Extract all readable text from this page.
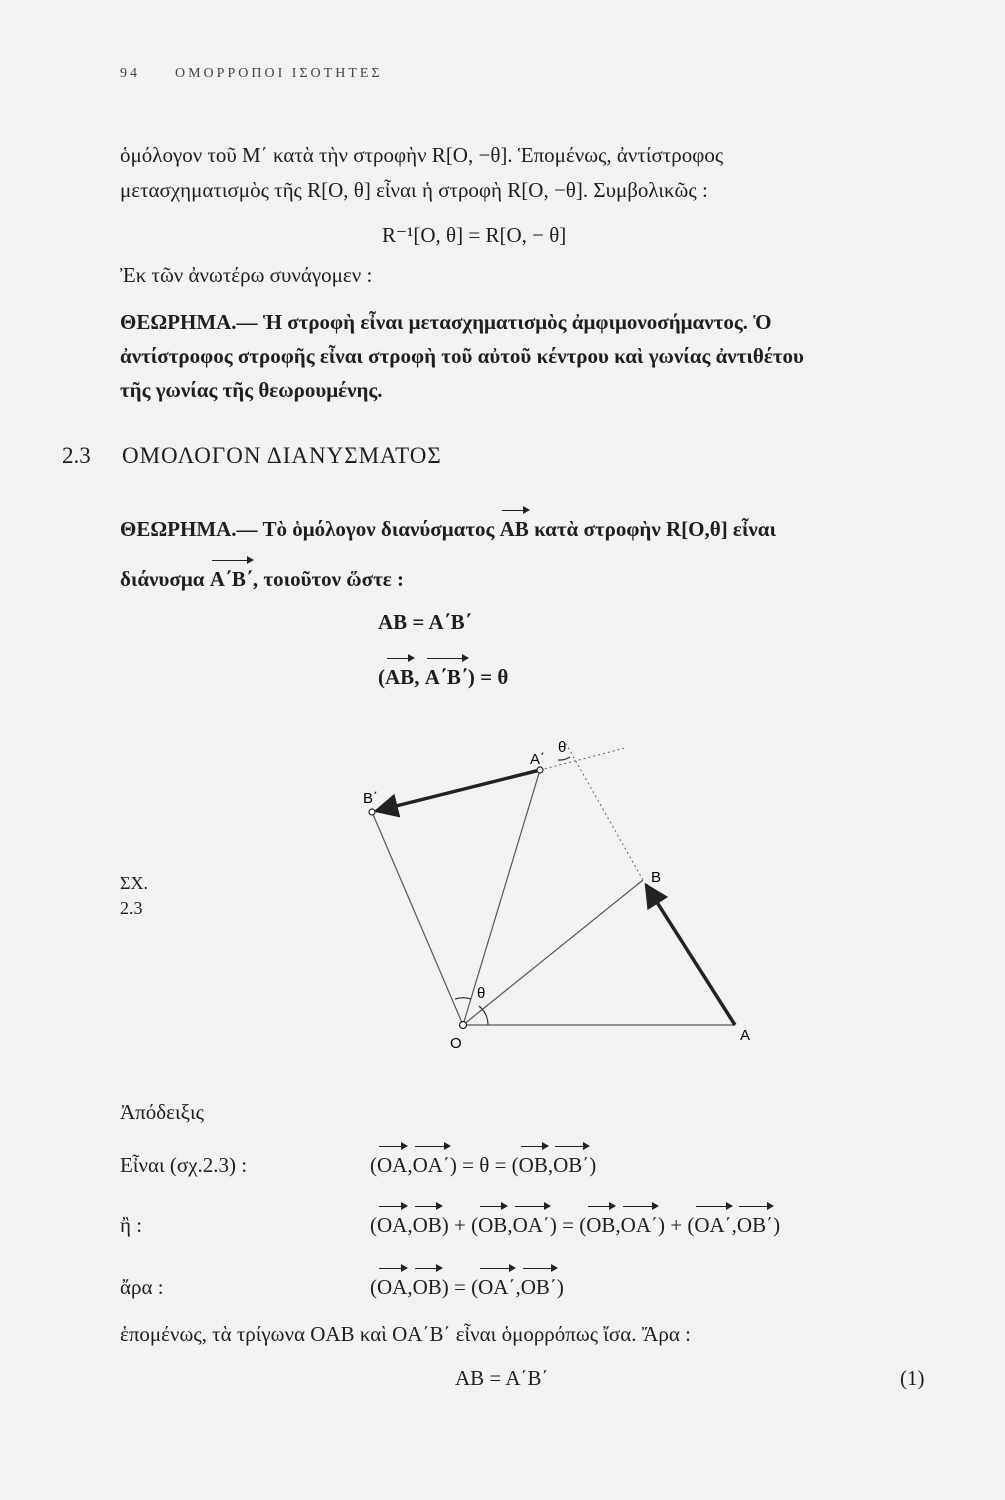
94	ΟΜΟΡΡΟΠΟΙ ΙΣΟΤΗΤΕΣ
ὁμόλογον τοῦ M΄ κατὰ τὴν στροφὴν R[O, −θ]. Ἑπομένως, ἀντίστροφος
μετασχηματισμὸς τῆς R[O, θ] εἶναι ἡ στροφὴ R[O, −θ]. Συμβολικῶς :
R⁻¹[O, θ] = R[O, − θ]
Ἐκ τῶν ἀνωτέρω συνάγομεν :
ΘΕΩΡΗΜΑ.— Ἡ στροφὴ εἶναι μετασχηματισμὸς ἀμφιμονοσήμαντος. Ὁ
ἀντίστροφος στροφῆς εἶναι στροφὴ τοῦ αὐτοῦ κέντρου καὶ γωνίας ἀντιθέτου
τῆς γωνίας τῆς θεωρουμένης.
2.3 ΟΜΟΛΟΓΟΝ ΔΙΑΝΥΣΜΑΤΟΣ
ΘΕΩΡΗΜΑ.— Τὸ ὁμόλογον διανύσματος AB κατὰ στροφὴν R[O,θ] εἶναι
διάνυσμα A΄B΄, τοιοῦτον ὥστε :
AB = A΄B΄
(AB, A΄B΄) = θ
ΣΧ.
2.3
O	A
B
A΄
B΄
θ
θ
Ἀπόδειξις
Εἶναι (σχ.2.3) :	(OA,OA΄) = θ = (OB,OB΄)
ἢ :	(OA,OB) + (OB,OA΄) = (OB,OA΄) + (OA΄,OB΄)
ἄρα :	(OA,OB) = (OA΄,OB΄)
ἑπομένως, τὰ τρίγωνα OAB καὶ OA΄B΄ εἶναι ὁμορρόπως ἴσα. Ἄρα :
AB = A΄B΄	(1)
